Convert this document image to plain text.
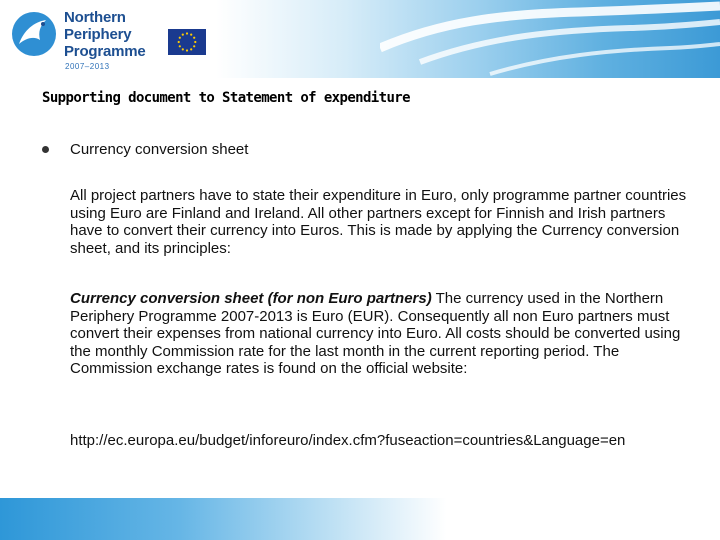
Northern
Periphery
Programme
2007–2013
Supporting document to Statement of expenditure
Currency conversion sheet

All project partners have to state their expenditure in Euro, only programme partner countries using Euro are Finland and Ireland. All other partners except for Finnish and Irish partners have to convert their currency into Euros. This is made by applying the Currency conversion sheet, and its principles:

Currency conversion sheet (for non Euro partners) The currency used in the Northern Periphery Programme 2007-2013 is Euro (EUR). Consequently all non Euro partners must convert their expenses from national currency into Euro. All costs should be converted using the monthly Commission rate for the last month in the current reporting period. The Commission exchange rates is found on the official website:

http://ec.europa.eu/budget/inforeuro/index.cfm?fuseaction=countries&Language=en
